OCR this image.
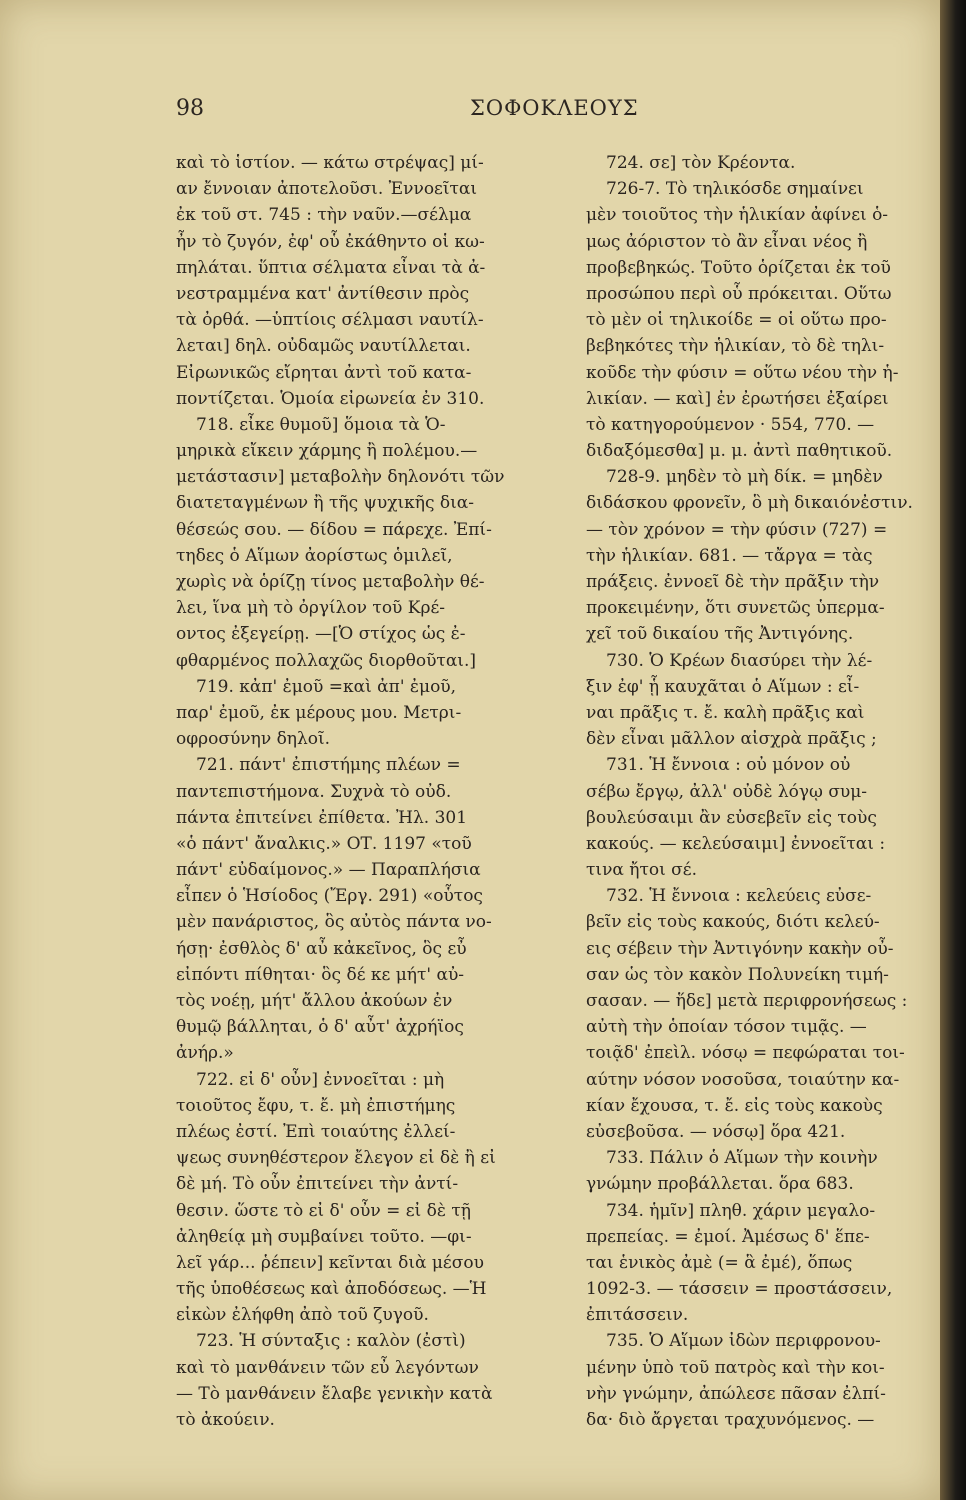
98	ΣΟΦΟΚΛΕΟΥΣ
καὶ τὸ ἱστίον. — κάτω στρέψας] μί-
αν ἔννοιαν ἀποτελοῦσι. Ἐννοεῖται
ἐκ τοῦ στ. 745 : τὴν ναῦν.—σέλμα
ἦν τὸ ζυγόν, ἐφ' οὗ ἐκάθηντο οἱ κω-
πηλάται. ὕπτια σέλματα εἶναι τὰ ἀ-
νεστραμμένα κατ' ἀντίθεσιν πρὸς
τὰ ὀρθά. —ὑπτίοις σέλμασι ναυτίλ-
λεται] δηλ. οὐδαμῶς ναυτίλλεται.
Εἰρωνικῶς εἴρηται ἀντὶ τοῦ κατα-
ποντίζεται. Ὁμοία εἰρωνεία ἐν 310.
718. εἶκε θυμοῦ] ὅμοια τὰ Ὁ-
μηρικὰ εἴκειν χάρμης ἢ πολέμου.—
μετάστασιν] μεταβολὴν δηλονότι τῶν
διατεταγμένων ἢ τῆς ψυχικῆς δια-
θέσεώς σου. — δίδου = πάρεχε. Ἐπί-
τηδες ὁ Αἵμων ἀορίστως ὁμιλεῖ,
χωρὶς νὰ ὁρίζῃ τίνος μεταβολὴν θέ-
λει, ἵνα μὴ τὸ ὀργίλον τοῦ Κρέ-
οντος ἐξεγείρῃ. —[Ὁ στίχος ὡς ἐ-
φθαρμένος πολλαχῶς διορθοῦται.]
719. κἀπ' ἐμοῦ =καὶ ἀπ' ἐμοῦ,
παρ' ἐμοῦ, ἐκ μέρους μου. Μετρι-
οφροσύνην δηλοῖ.
721. πάντ' ἐπιστήμης πλέων =
παντεπιστήμονα. Συχνὰ τὸ οὐδ.
πάντα ἐπιτείνει ἐπίθετα. Ἠλ. 301
«ὁ πάντ' ἄναλκις.» ΟΤ. 1197 «τοῦ
πάντ' εὐδαίμονος.» — Παραπλήσια
εἶπεν ὁ Ἡσίοδος (Ἔργ. 291) «οὗτος
μὲν πανάριστος, ὃς αὐτὸς πάντα νο-
ήσῃ· ἐσθλὸς δ' αὖ κἀκεῖνος, ὃς εὖ
εἰπόντι πίθηται· ὃς δέ κε μήτ' αὐ-
τὸς νοέῃ, μήτ' ἄλλου ἀκούων ἐν
θυμῷ βάλληται, ὁ δ' αὖτ' ἀχρήϊος
ἀνήρ.»
722. εἰ δ' οὖν] ἐννοεῖται : μὴ
τοιοῦτος ἔφυ, τ. ἔ. μὴ ἐπιστήμης
πλέως ἐστί. Ἐπὶ τοιαύτης ἐλλεί-
ψεως συνηθέστερον ἔλεγον εἰ δὲ ἢ εἰ
δὲ μή. Τὸ οὖν ἐπιτείνει τὴν ἀντί-
θεσιν. ὥστε τὸ εἰ δ' οὖν = εἰ δὲ τῇ
ἀληθείᾳ μὴ συμβαίνει τοῦτο. —φι-
λεῖ γάρ... ῥέπειν] κεῖνται διὰ μέσου
τῆς ὑποθέσεως καὶ ἀποδόσεως. —Ἡ
εἰκὼν ἐλήφθη ἀπὸ τοῦ ζυγοῦ.
723. Ἡ σύνταξις : καλὸν (ἐστὶ)
καὶ τὸ μανθάνειν τῶν εὖ λεγόντων
— Τὸ μανθάνειν ἔλαβε γενικὴν κατὰ
τὸ ἀκούειν.
724. σε] τὸν Κρέοντα.
726-7. Τὸ τηλικόσδε σημαίνει
μὲν τοιοῦτος τὴν ἡλικίαν ἀφίνει ὁ-
μως ἀόριστον τὸ ἂν εἶναι νέος ἢ
προβεβηκώς. Τοῦτο ὁρίζεται ἐκ τοῦ
προσώπου περὶ οὗ πρόκειται. Οὕτω
τὸ μὲν οἱ τηλικοίδε = οἱ οὕτω προ-
βεβηκότες τὴν ἡλικίαν, τὸ δὲ τηλι-
κοῦδε τὴν φύσιν = οὕτω νέου τὴν ἡ-
λικίαν. — καὶ] ἐν ἐρωτήσει ἐξαίρει
τὸ κατηγορούμενον · 554, 770. —
διδαξόμεσθα] μ. μ. ἀντὶ παθητικοῦ.
728-9. μηδὲν τὸ μὴ δίκ. = μηδὲν
διδάσκου φρονεῖν, ὃ μὴ δικαιόνἐστιν.
— τὸν χρόνον = τὴν φύσιν (727) =
τὴν ἡλικίαν. 681. — τἄργα = τὰς
πράξεις. ἐννοεῖ δὲ τὴν πρᾶξιν τὴν
προκειμένην, ὅτι συνετῶς ὑπερμα-
χεῖ τοῦ δικαίου τῆς Ἀντιγόνης.
730. Ὁ Κρέων διασύρει τὴν λέ-
ξιν ἐφ' ᾗ καυχᾶται ὁ Αἵμων : εἶ-
ναι πρᾶξις τ. ἔ. καλὴ πρᾶξις καὶ
δὲν εἶναι μᾶλλον αἰσχρὰ πρᾶξις ;
731. Ἡ ἔννοια : οὐ μόνον οὐ
σέβω ἔργῳ, ἀλλ' οὐδὲ λόγῳ συμ-
βουλεύσαιμι ἂν εὐσεβεῖν εἰς τοὺς
κακούς. — κελεύσαιμι] ἐννοεῖται :
τινα ἤτοι σέ.
732. Ἡ ἔννοια : κελεύεις εὐσε-
βεῖν εἰς τοὺς κακούς, διότι κελεύ-
εις σέβειν τὴν Ἀντιγόνην κακὴν οὖ-
σαν ὡς τὸν κακὸν Πολυνείκη τιμή-
σασαν. — ἥδε] μετὰ περιφρονήσεως :
αὐτὴ τὴν ὁποίαν τόσον τιμᾷς. —
τοιᾷδ' ἐπεὶλ. νόσῳ = πεφώραται τοι-
αύτην νόσον νοσοῦσα, τοιαύτην κα-
κίαν ἔχουσα, τ. ἔ. εἰς τοὺς κακοὺς
εὐσεβοῦσα. — νόσῳ] ὅρα 421.
733. Πάλιν ὁ Αἵμων τὴν κοινὴν
γνώμην προβάλλεται. ὅρα 683.
734. ἡμῖν] πληθ. χάριν μεγαλο-
πρεπείας. = ἐμοί. Ἀμέσως δ' ἕπε-
ται ἑνικὸς ἀμὲ (= ἃ ἐμέ), ὅπως
1092-3. — τάσσειν = προστάσσειν,
ἐπιτάσσειν.
735. Ὁ Αἵμων ἰδὼν περιφρονου-
μένην ὑπὸ τοῦ πατρὸς καὶ τὴν κοι-
νὴν γνώμην, ἀπώλεσε πᾶσαν ἐλπί-
δα· διὸ ἄργεται τραχυνόμενος. —
